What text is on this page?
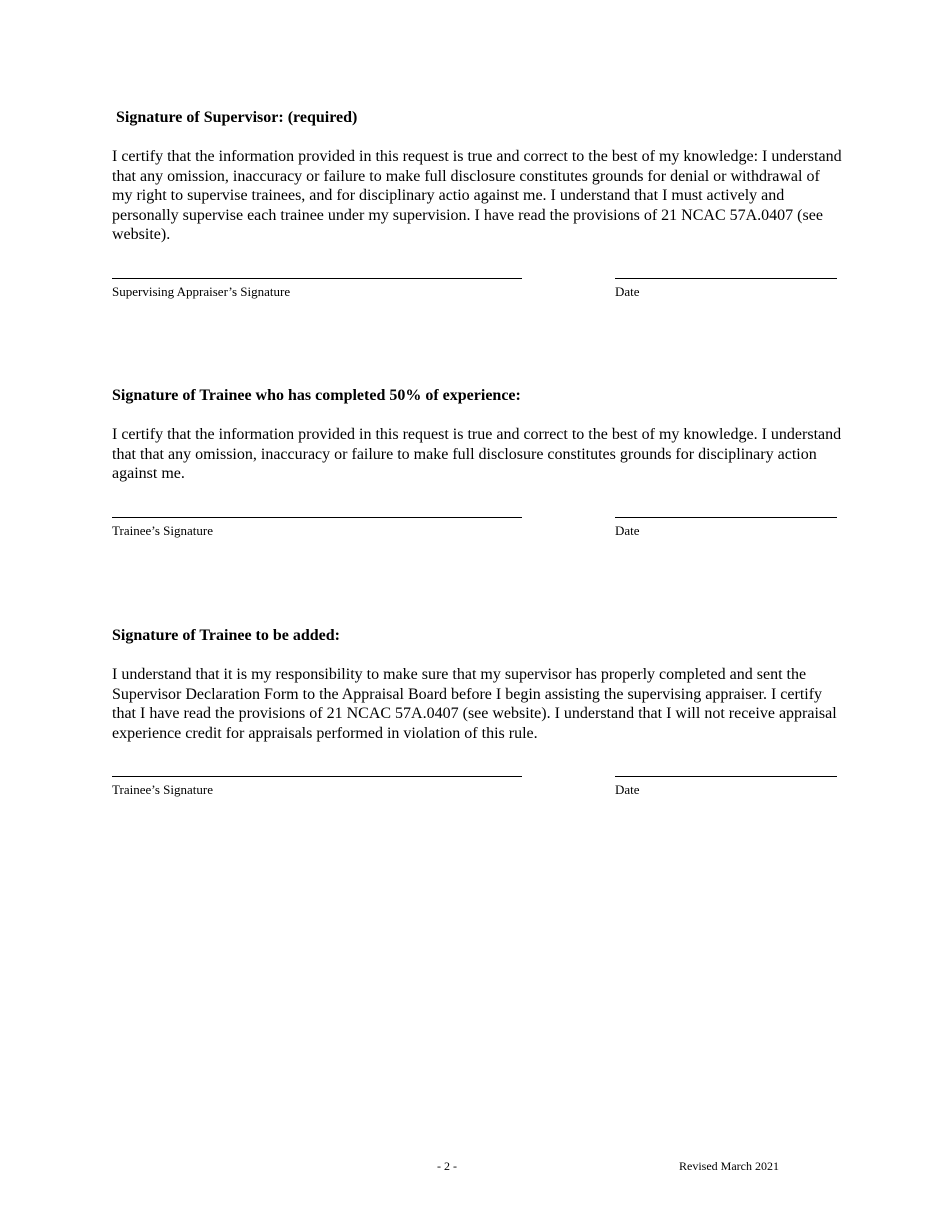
Signature of Supervisor: (required)

I certify that the information provided in this request is true and correct to the best of my knowledge: I understand that any omission, inaccuracy or failure to make full disclosure constitutes grounds for denial or withdrawal of my right to supervise trainees, and for disciplinary actio against me. I understand that I must actively and personally supervise each trainee under my supervision. I have read the provisions of 21 NCAC 57A.0407 (see website).

Supervising Appraiser’s Signature	Date
Signature of Trainee who has completed 50% of experience:

I certify that the information provided in this request is true and correct to the best of my knowledge. I understand that that any omission, inaccuracy or failure to make full disclosure constitutes grounds for disciplinary action against me.

Trainee’s Signature	Date
Signature of Trainee to be added:

I understand that it is my responsibility to make sure that my supervisor has properly completed and sent the Supervisor Declaration Form to the Appraisal Board before I begin assisting the supervising appraiser. I certify that I have read the provisions of 21 NCAC 57A.0407 (see website). I understand that I will not receive appraisal experience credit for appraisals performed in violation of this rule.

Trainee’s Signature	Date
- 2 -	Revised March 2021
